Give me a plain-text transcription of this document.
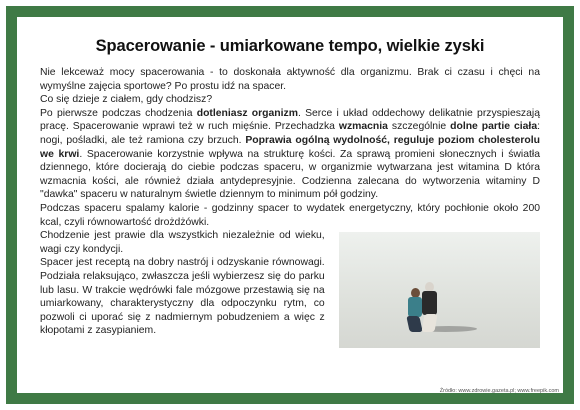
Spacerowanie - umiarkowane tempo, wielkie zyski

Nie lekceważ mocy spacerowania - to doskonała aktywność dla organizmu. Brak ci czasu i chęci na wymyślne zajęcia sportowe? Po prostu idź na spacer.

Co się dzieje z ciałem, gdy chodzisz?

Po pierwsze podczas chodzenia dotleniasz organizm. Serce i układ oddechowy delikatnie przyspieszają pracę. Spacerowanie wprawi też w ruch mięśnie. Przechadzka wzmacnia szczególnie dolne partie ciała: nogi, pośladki, ale też ramiona czy brzuch. Poprawia ogólną wydolność, reguluje poziom cholesterolu we krwi. Spacerowanie korzystnie wpływa na strukturę kości. Za sprawą promieni słonecznych i światła dziennego, które docierają do ciebie podczas spaceru, w organizmie wytwarzana jest witamina D która wzmacnia kości, ale również działa antydepresyjnie. Codzienna zalecana do wytworzenia witaminy D "dawka" spaceru w naturalnym świetle dziennym to minimum pół godziny.

Podczas spaceru spalamy kalorie - godzinny spacer to wydatek energetyczny, który pochłonie około 200 kcal, czyli równowartość drożdżówki.

Chodzenie jest prawie dla wszystkich niezależnie od wieku, wagi czy kondycji.

Spacer jest receptą na dobry nastrój i odzyskanie równowagi. Podziała relaksująco, zwłaszcza jeśli wybierzesz się do parku lub lasu. W trakcie wędrówki fale mózgowe przestawią się na umiarkowany, charakterystyczny dla odpoczynku rytm, co pozwoli ci uporać się z nadmiernym pobudzeniem a więc z kłopotami z zasypianiem.

Źródło: www.zdrowie.gazeta.pl; www.freepik.com
